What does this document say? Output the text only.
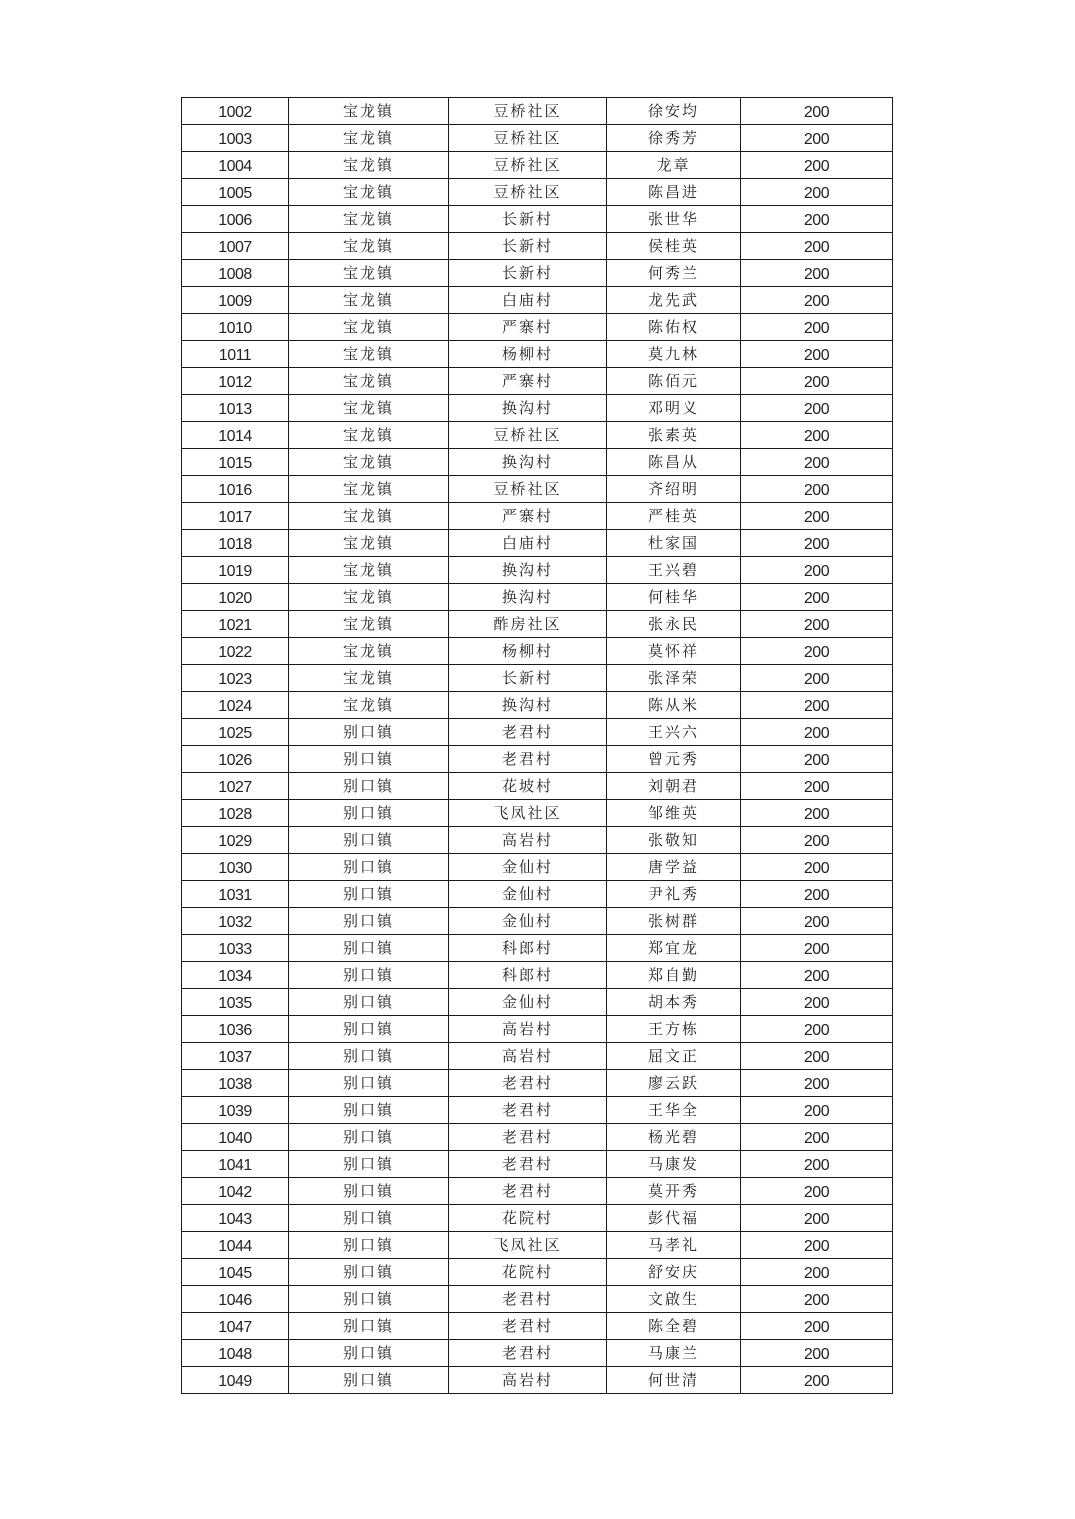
1002	宝龙镇	豆桥社区	徐安均	200
1003	宝龙镇	豆桥社区	徐秀芳	200
1004	宝龙镇	豆桥社区	龙章	200
1005	宝龙镇	豆桥社区	陈昌进	200
1006	宝龙镇	长新村	张世华	200
1007	宝龙镇	长新村	侯桂英	200
1008	宝龙镇	长新村	何秀兰	200
1009	宝龙镇	白庙村	龙先武	200
1010	宝龙镇	严寨村	陈佑权	200
1011	宝龙镇	杨柳村	莫九林	200
1012	宝龙镇	严寨村	陈佰元	200
1013	宝龙镇	换沟村	邓明义	200
1014	宝龙镇	豆桥社区	张素英	200
1015	宝龙镇	换沟村	陈昌从	200
1016	宝龙镇	豆桥社区	齐绍明	200
1017	宝龙镇	严寨村	严桂英	200
1018	宝龙镇	白庙村	杜家国	200
1019	宝龙镇	换沟村	王兴碧	200
1020	宝龙镇	换沟村	何桂华	200
1021	宝龙镇	酢房社区	张永民	200
1022	宝龙镇	杨柳村	莫怀祥	200
1023	宝龙镇	长新村	张泽荣	200
1024	宝龙镇	换沟村	陈从米	200
1025	别口镇	老君村	王兴六	200
1026	别口镇	老君村	曾元秀	200
1027	别口镇	花坡村	刘朝君	200
1028	别口镇	飞凤社区	邹维英	200
1029	别口镇	高岩村	张敬知	200
1030	别口镇	金仙村	唐学益	200
1031	别口镇	金仙村	尹礼秀	200
1032	别口镇	金仙村	张树群	200
1033	别口镇	科郎村	郑宜龙	200
1034	别口镇	科郎村	郑自勤	200
1035	别口镇	金仙村	胡本秀	200
1036	别口镇	高岩村	王方栋	200
1037	别口镇	高岩村	屈文正	200
1038	别口镇	老君村	廖云跃	200
1039	别口镇	老君村	王华全	200
1040	别口镇	老君村	杨光碧	200
1041	别口镇	老君村	马康发	200
1042	别口镇	老君村	莫开秀	200
1043	别口镇	花院村	彭代福	200
1044	别口镇	飞凤社区	马孝礼	200
1045	别口镇	花院村	舒安庆	200
1046	别口镇	老君村	文啟生	200
1047	别口镇	老君村	陈全碧	200
1048	别口镇	老君村	马康兰	200
1049	别口镇	高岩村	何世清	200
